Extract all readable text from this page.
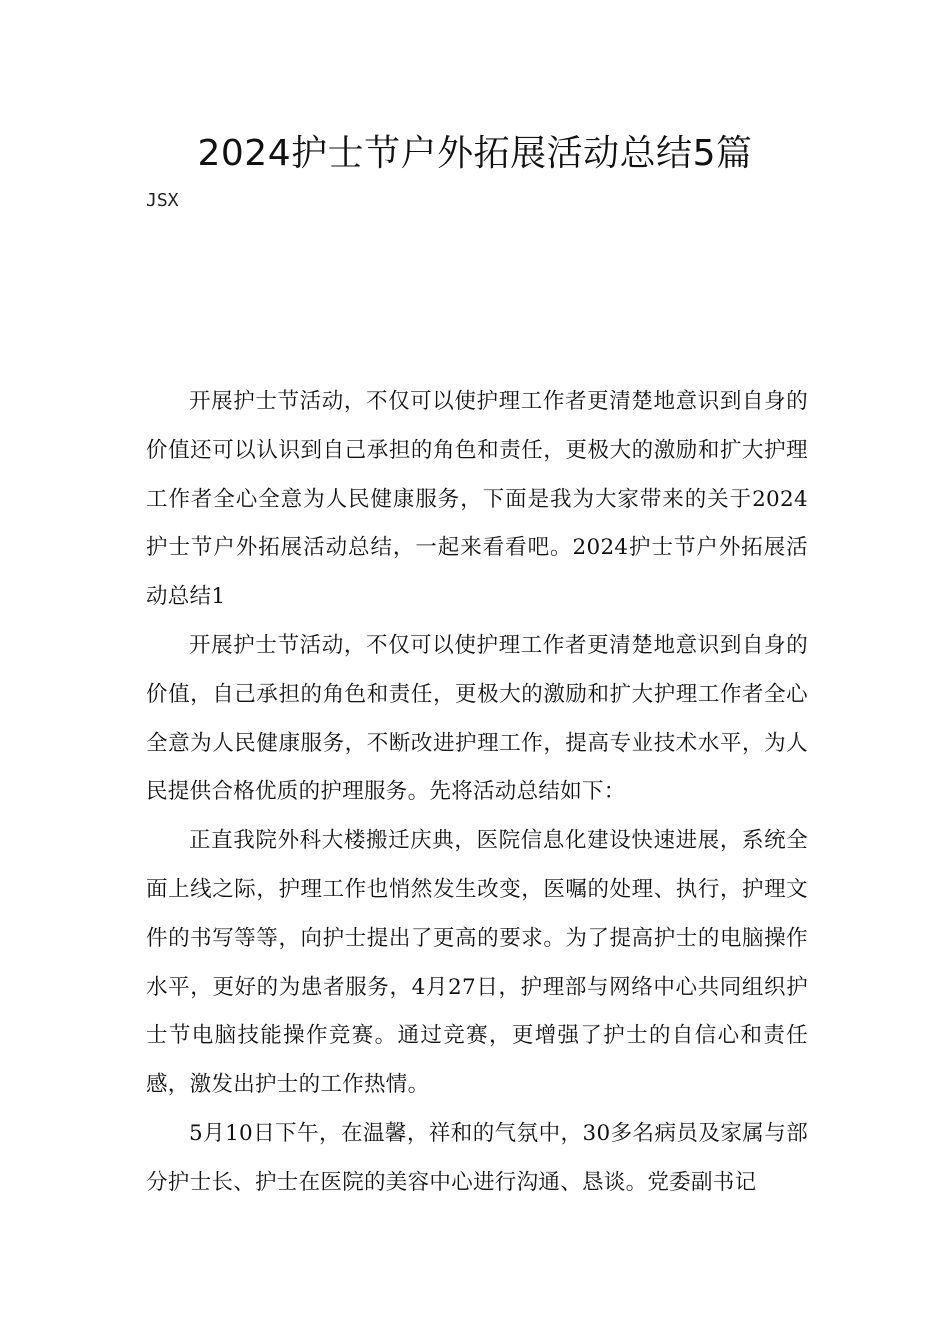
2024护士节户外拓展活动总结5篇
JSX

开展护士节活动，不仅可以使护理工作者更清楚地意识到自身的价值还可以认识到自己承担的角色和责任，更极大的激励和扩大护理工作者全心全意为人民健康服务，下面是我为大家带来的关于2024护士节户外拓展活动总结，一起来看看吧。2024护士节户外拓展活动总结1

开展护士节活动，不仅可以使护理工作者更清楚地意识到自身的价值，自己承担的角色和责任，更极大的激励和扩大护理工作者全心全意为人民健康服务，不断改进护理工作，提高专业技术水平，为人民提供合格优质的护理服务。先将活动总结如下：

正直我院外科大楼搬迁庆典，医院信息化建设快速进展，系统全面上线之际，护理工作也悄然发生改变，医嘱的处理、执行，护理文件的书写等等，向护士提出了更高的要求。为了提高护士的电脑操作水平，更好的为患者服务，4月27日，护理部与网络中心共同组织护士节电脑技能操作竞赛。通过竞赛，更增强了护士的自信心和责任感，激发出护士的工作热情。

5月10日下午，在温馨，祥和的气氛中，30多名病员及家属与部分护士长、护士在医院的美容中心进行沟通、恳谈。党委副书记
